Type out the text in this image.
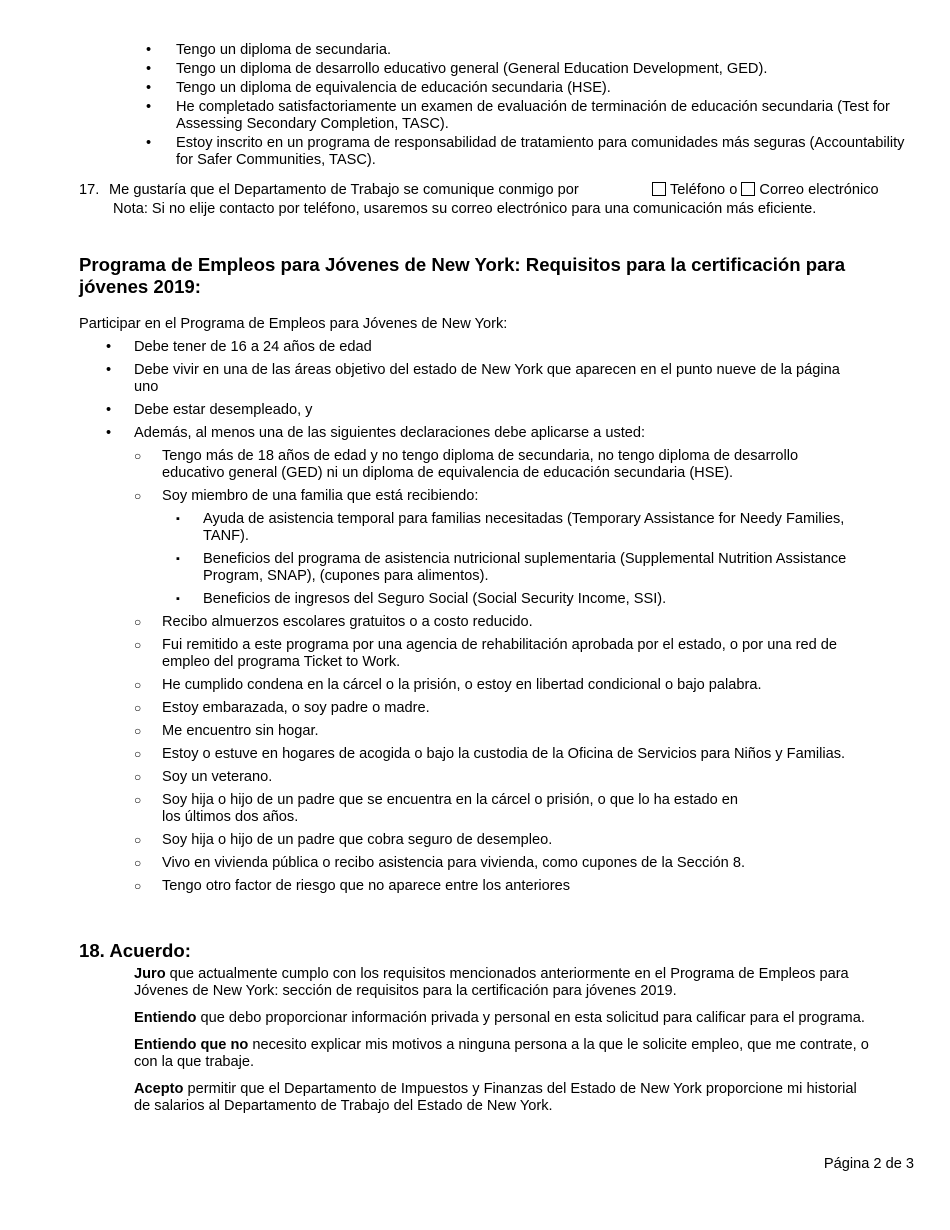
• Tengo un diploma de secundaria.
• Tengo un diploma de desarrollo educativo general (General Education Development, GED).
• Tengo un diploma de equivalencia de educación secundaria (HSE).
• He completado satisfactoriamente un examen de evaluación de terminación de educación secundaria (Test for Assessing Secondary Completion, TASC).
• Estoy inscrito en un programa de responsabilidad de tratamiento para comunidades más seguras (Accountability for Safer Communities, TASC).
17. Me gustaría que el Departamento de Trabajo se comunique conmigo por	Teléfono o Correo electrónico
Nota: Si no elije contacto por teléfono, usaremos su correo electrónico para una comunicación más eficiente.
Programa de Empleos para Jóvenes de New York: Requisitos para la certificación para jóvenes 2019:

Participar en el Programa de Empleos para Jóvenes de New York:

• Debe tener de 16 a 24 años de edad
• Debe vivir en una de las áreas objetivo del estado de New York que aparecen en el punto nueve de la página uno
• Debe estar desempleado, y
• Además, al menos una de las siguientes declaraciones debe aplicarse a usted:
○ Tengo más de 18 años de edad y no tengo diploma de secundaria, no tengo diploma de desarrollo educativo general (GED) ni un diploma de equivalencia de educación secundaria (HSE).
○ Soy miembro de una familia que está recibiendo:
▪ Ayuda de asistencia temporal para familias necesitadas (Temporary Assistance for Needy Families, TANF).
▪ Beneficios del programa de asistencia nutricional suplementaria (Supplemental Nutrition Assistance Program, SNAP), (cupones para alimentos).
▪ Beneficios de ingresos del Seguro Social (Social Security Income, SSI).
○ Recibo almuerzos escolares gratuitos o a costo reducido.
○ Fui remitido a este programa por una agencia de rehabilitación aprobada por el estado, o por una red de empleo del programa Ticket to Work.
○ He cumplido condena en la cárcel o la prisión, o estoy en libertad condicional o bajo palabra.
○ Estoy embarazada, o soy padre o madre.
○ Me encuentro sin hogar.
○ Estoy o estuve en hogares de acogida o bajo la custodia de la Oficina de Servicios para Niños y Familias.
○ Soy un veterano.
○ Soy hija o hijo de un padre que se encuentra en la cárcel o prisión, o que lo ha estado en
los últimos dos años.
○ Soy hija o hijo de un padre que cobra seguro de desempleo.
○ Vivo en vivienda pública o recibo asistencia para vivienda, como cupones de la Sección 8.
○ Tengo otro factor de riesgo que no aparece entre los anteriores
18. Acuerdo:

Juro que actualmente cumplo con los requisitos mencionados anteriormente en el Programa de Empleos para Jóvenes de New York: sección de requisitos para la certificación para jóvenes 2019.

Entiendo que debo proporcionar información privada y personal en esta solicitud para calificar para el programa.

Entiendo que no necesito explicar mis motivos a ninguna persona a la que le solicite empleo, que me contrate, o con la que trabaje.

Acepto permitir que el Departamento de Impuestos y Finanzas del Estado de New York proporcione mi historial de salarios al Departamento de Trabajo del Estado de New York.

Página 2 de 3
